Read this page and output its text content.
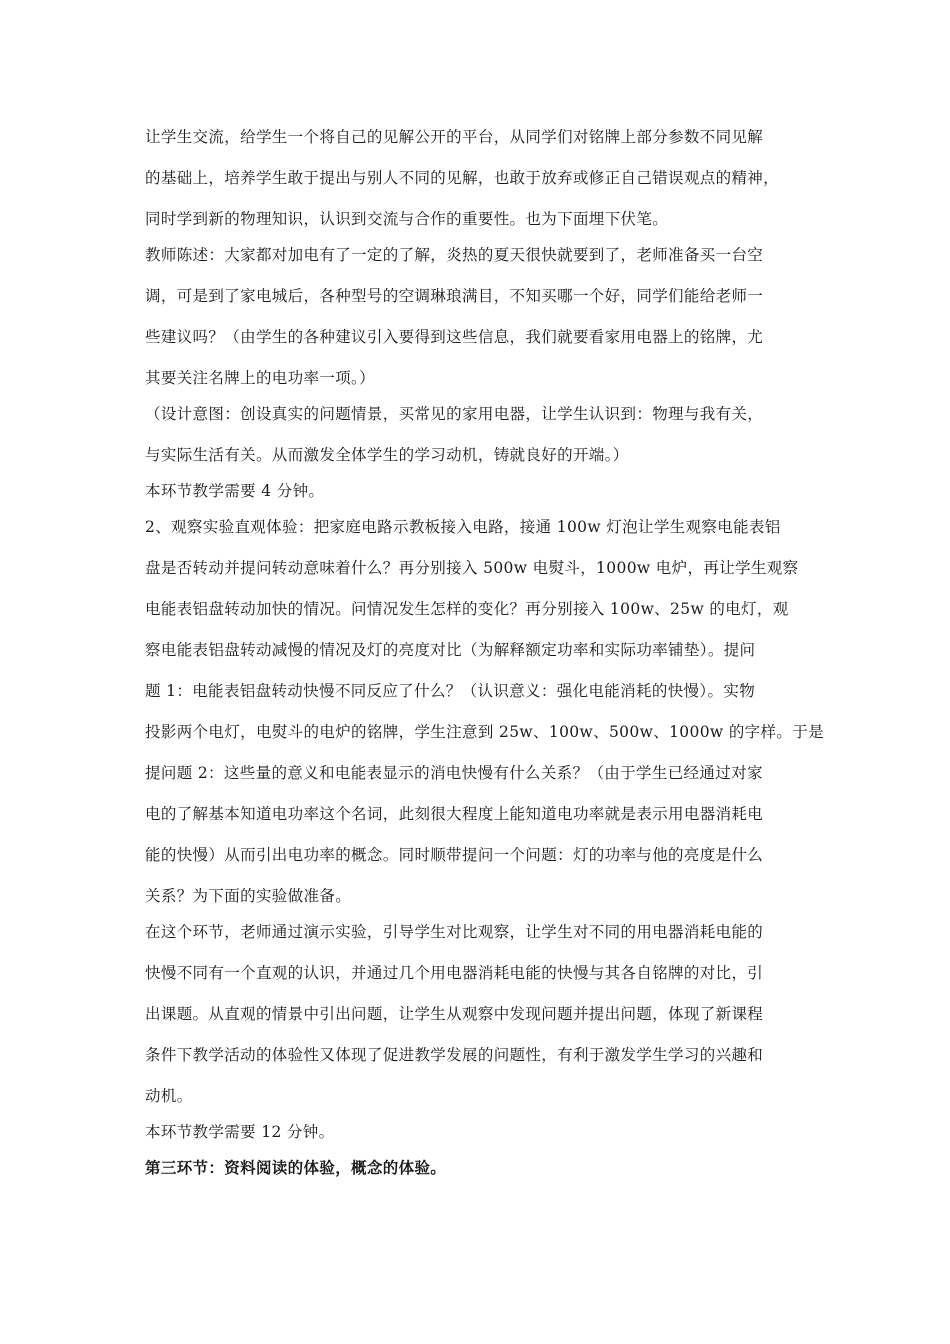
让学生交流，给学生一个将自己的见解公开的平台，从同学们对铭牌上部分参数不同见解
的基础上，培养学生敢于提出与别人不同的见解，也敢于放弃或修正自己错误观点的精神，
同时学到新的物理知识，认识到交流与合作的重要性。也为下面埋下伏笔。
教师陈述：大家都对加电有了一定的了解，炎热的夏天很快就要到了，老师准备买一台空
调，可是到了家电城后，各种型号的空调琳琅满目，不知买哪一个好，同学们能给老师一
些建议吗？（由学生的各种建议引入要得到这些信息，我们就要看家用电器上的铭牌，尤
其要关注名牌上的电功率一项。）
（设计意图：创设真实的问题情景，买常见的家用电器，让学生认识到：物理与我有关，
与实际生活有关。从而激发全体学生的学习动机，铸就良好的开端。）
本环节教学需要 4 分钟。
2、观察实验直观体验：把家庭电路示教板接入电路，接通 100w 灯泡让学生观察电能表铝
盘是否转动并提问转动意味着什么？再分别接入 500w 电熨斗，1000w 电炉，再让学生观察
电能表铝盘转动加快的情况。问情况发生怎样的变化？再分别接入 100w、25w 的电灯，观
察电能表铝盘转动减慢的情况及灯的亮度对比（为解释额定功率和实际功率铺垫）。提问
题 1：电能表铝盘转动快慢不同反应了什么？（认识意义：强化电能消耗的快慢）。实物
投影两个电灯，电熨斗的电炉的铭牌，学生注意到 25w、100w、500w、1000w 的字样。于是
提问题 2：这些量的意义和电能表显示的消电快慢有什么关系？（由于学生已经通过对家
电的了解基本知道电功率这个名词，此刻很大程度上能知道电功率就是表示用电器消耗电
能的快慢）从而引出电功率的概念。同时顺带提问一个问题：灯的功率与他的亮度是什么
关系？为下面的实验做准备。
在这个环节，老师通过演示实验，引导学生对比观察，让学生对不同的用电器消耗电能的
快慢不同有一个直观的认识，并通过几个用电器消耗电能的快慢与其各自铭牌的对比，引
出课题。从直观的情景中引出问题，让学生从观察中发现问题并提出问题，体现了新课程
条件下教学活动的体验性又体现了促进教学发展的问题性，有利于激发学生学习的兴趣和
动机。
本环节教学需要 12 分钟。
第三环节：资料阅读的体验，概念的体验。
